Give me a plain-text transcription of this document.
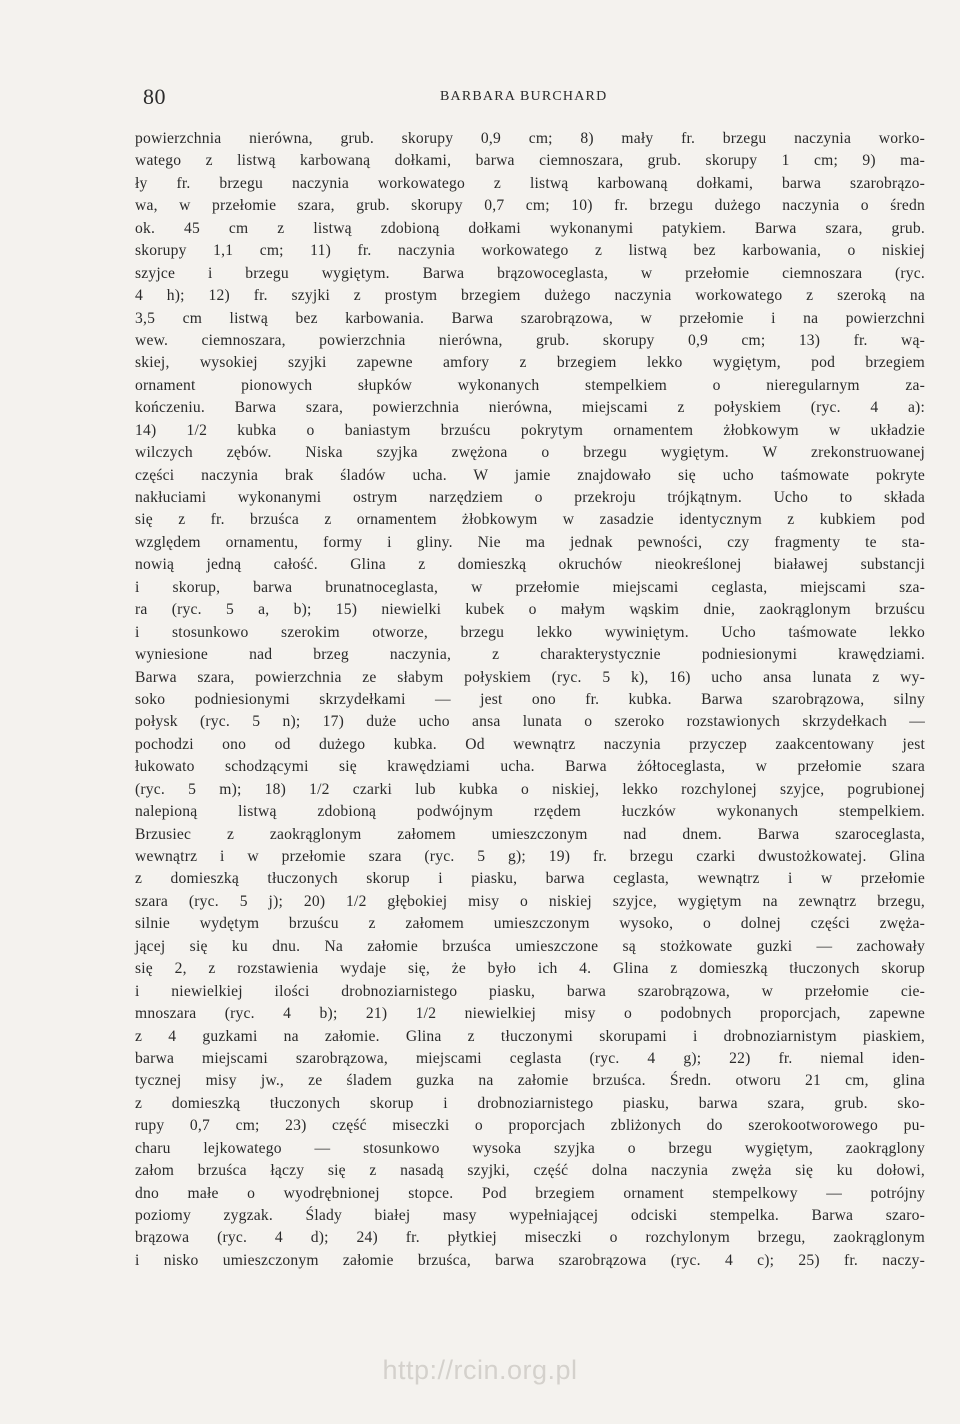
80	BARBARA BURCHARD
powierzchnia nierówna, grub. skorupy 0,9 cm; 8) mały fr. brzegu naczynia worko-
watego z listwą karbowaną dołkami, barwa ciemnoszara, grub. skorupy 1 cm; 9) ma-
ły fr. brzegu naczynia workowatego z listwą karbowaną dołkami, barwa szarobrązo-
wa, w przełomie szara, grub. skorupy 0,7 cm; 10) fr. brzegu dużego naczynia o średn
ok. 45 cm z listwą zdobioną dołkami wykonanymi patykiem. Barwa szara, grub.
skorupy 1,1 cm; 11) fr. naczynia workowatego z listwą bez karbowania, o niskiej
szyjce i brzegu wygiętym. Barwa brązowoceglasta, w przełomie ciemnoszara (ryc.
4 h); 12) fr. szyjki z prostym brzegiem dużego naczynia workowatego z szeroką na
3,5 cm listwą bez karbowania. Barwa szarobrązowa, w przełomie i na powierzchni
wew. ciemnoszara, powierzchnia nierówna, grub. skorupy 0,9 cm; 13) fr. wą-
skiej, wysokiej szyjki zapewne amfory z brzegiem lekko wygiętym, pod brzegiem
ornament pionowych słupków wykonanych stempelkiem o nieregularnym za-
kończeniu. Barwa szara, powierzchnia nierówna, miejscami z połyskiem (ryc. 4 a):
14) 1/2 kubka o baniastym brzuścu pokrytym ornamentem żłobkowym w układzie
wilczych zębów. Niska szyjka zwężona o brzegu wygiętym. W zrekonstruowanej
części naczynia brak śladów ucha. W jamie znajdowało się ucho taśmowate pokryte
nakłuciami wykonanymi ostrym narzędziem o przekroju trójkątnym. Ucho to składa
się z fr. brzuśca z ornamentem żłobkowym w zasadzie identycznym z kubkiem pod
względem ornamentu, formy i gliny. Nie ma jednak pewności, czy fragmenty te sta-
nowią jedną całość. Glina z domieszką okruchów nieokreślonej białawej substancji
i skorup, barwa brunatnoceglasta, w przełomie miejscami ceglasta, miejscami sza-
ra (ryc. 5 a, b); 15) niewielki kubek o małym wąskim dnie, zaokrąglonym brzuścu
i stosunkowo szerokim otworze, brzegu lekko wywiniętym. Ucho taśmowate lekko
wyniesione nad brzeg naczynia, z charakterystycznie podniesionymi krawędziami.
Barwa szara, powierzchnia ze słabym połyskiem (ryc. 5 k), 16) ucho ansa lunata z wy-
soko podniesionymi skrzydełkami — jest ono fr. kubka. Barwa szarobrązowa, silny
połysk (ryc. 5 n); 17) duże ucho ansa lunata o szeroko rozstawionych skrzydełkach —
pochodzi ono od dużego kubka. Od wewnątrz naczynia przyczep zaakcentowany jest
łukowato schodzącymi się krawędziami ucha. Barwa żółtoceglasta, w przełomie szara
(ryc. 5 m); 18) 1/2 czarki lub kubka o niskiej, lekko rozchylonej szyjce, pogrubionej
nalepioną listwą zdobioną podwójnym rzędem łuczków wykonanych stempelkiem.
Brzusiec z zaokrąglonym załomem umieszczonym nad dnem. Barwa szaroceglasta,
wewnątrz i w przełomie szara (ryc. 5 g); 19) fr. brzegu czarki dwustożkowatej. Glina
z domieszką tłuczonych skorup i piasku, barwa ceglasta, wewnątrz i w przełomie
szara (ryc. 5 j); 20) 1/2 głębokiej misy o niskiej szyjce, wygiętym na zewnątrz brzegu,
silnie wydętym brzuścu z załomem umieszczonym wysoko, o dolnej części zwęża-
jącej się ku dnu. Na załomie brzuśca umieszczone są stożkowate guzki — zachowały
się 2, z rozstawienia wydaje się, że było ich 4. Glina z domieszką tłuczonych skorup
i niewielkiej ilości drobnoziarnistego piasku, barwa szarobrązowa, w przełomie cie-
mnoszara (ryc. 4 b); 21) 1/2 niewielkiej misy o podobnych proporcjach, zapewne
z 4 guzkami na załomie. Glina z tłuczonymi skorupami i drobnoziarnistym piaskiem,
barwa miejscami szarobrązowa, miejscami ceglasta (ryc. 4 g); 22) fr. niemal iden-
tycznej misy jw., ze śladem guzka na załomie brzuśca. Średn. otworu 21 cm, glina
z domieszką tłuczonych skorup i drobnoziarnistego piasku, barwa szara, grub. sko-
rupy 0,7 cm; 23) część miseczki o proporcjach zbliżonych do szerokootworowego pu-
charu lejkowatego — stosunkowo wysoka szyjka o brzegu wygiętym, zaokrąglony
załom brzuśca łączy się z nasadą szyjki, część dolna naczynia zwęża się ku dołowi,
dno małe o wyodrębnionej stopce. Pod brzegiem ornament stempelkowy — potrójny
poziomy zygzak. Ślady białej masy wypełniającej odciski stempelka. Barwa szaro-
brązowa (ryc. 4 d); 24) fr. płytkiej miseczki o rozchylonym brzegu, zaokrąglonym
i nisko umieszczonym załomie brzuśca, barwa szarobrązowa (ryc. 4 c); 25) fr. naczy-
http://rcin.org.pl
